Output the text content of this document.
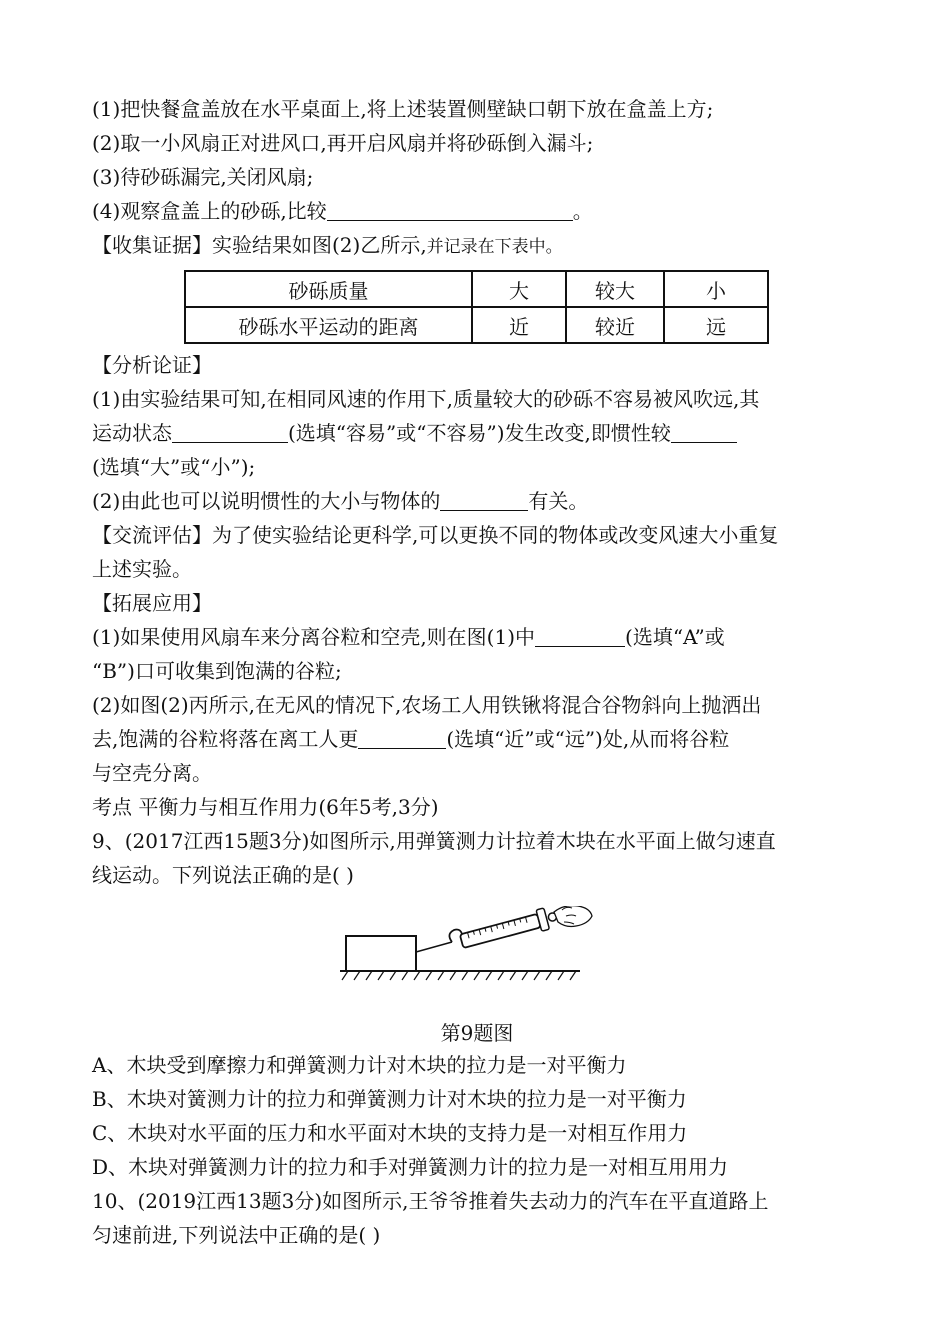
(1)把快餐盒盖放在水平桌面上,将上述装置侧壁缺口朝下放在盒盖上方;
(2)取一小风扇正对进风口,再开启风扇并将砂砾倒入漏斗;
(3)待砂砾漏完,关闭风扇;
(4)观察盒盖上的砂砾,比较	。
【收集证据】实验结果如图(2)乙所示,并记录在下表中。
砂砾质量	大	较大	小
砂砾水平运动的距离	近	较近	远
【分析论证】
(1)由实验结果可知,在相同风速的作用下,质量较大的砂砾不容易被风吹远,其
运动状态	(选填“容易”或“不容易”)发生改变,即惯性较
(选填“大”或“小”);
(2)由此也可以说明惯性的大小与物体的	有关。
【交流评估】为了使实验结论更科学,可以更换不同的物体或改变风速大小重复
上述实验。
【拓展应用】
(1)如果使用风扇车来分离谷粒和空壳,则在图(1)中	(选填“A”或
“B”)口可收集到饱满的谷粒;
(2)如图(2)丙所示,在无风的情况下,农场工人用铁锹将混合谷物斜向上抛洒出
去,饱满的谷粒将落在离工人更	(选填“近”或“远”)处,从而将谷粒
与空壳分离。
考点 平衡力与相互作用力(6年5考,3分)
9、(2017江西15题3分)如图所示,用弹簧测力计拉着木块在水平面上做匀速直
线运动。下列说法正确的是( )
第9题图
A、木块受到摩擦力和弹簧测力计对木块的拉力是一对平衡力
B、木块对簧测力计的拉力和弹簧测力计对木块的拉力是一对平衡力
C、木块对水平面的压力和水平面对木块的支持力是一对相互作用力
D、木块对弹簧测力计的拉力和手对弹簧测力计的拉力是一对相互用用力
10、(2019江西13题3分)如图所示,王爷爷推着失去动力的汽车在平直道路上
匀速前进,下列说法中正确的是( )
